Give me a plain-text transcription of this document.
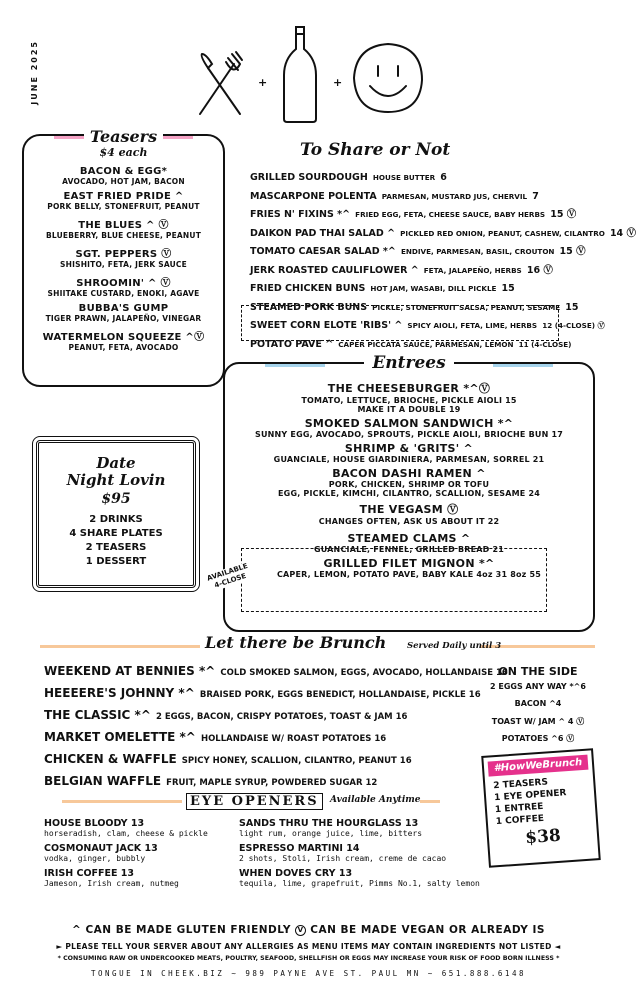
JUNE 2025	+	+
Teasers
$4 each
BACON & EGG*
AVOCADO, HOT JAM, BACON
EAST FRIED PRIDE ^
PORK BELLY, STONEFRUIT, PEANUT
THE BLUES ^ Ⓥ
BLUEBERRY, BLUE CHEESE, PEANUT
SGT. PEPPERS Ⓥ
SHISHITO, FETA, JERK SAUCE
SHROOMIN' ^ Ⓥ
SHIITAKE CUSTARD, ENOKI, AGAVE
BUBBA'S GUMP
TIGER PRAWN, JALAPEÑO, VINEGAR
WATERMELON SQUEEZE ^Ⓥ
PEANUT, FETA, AVOCADO
To Share or Not
GRILLED SOURDOUGH HOUSE BUTTER 6
MASCARPONE POLENTA PARMESAN, MUSTARD JUS, CHERVIL 7
FRIES N' FIXINS *^ FRIED EGG, FETA, CHEESE SAUCE, BABY HERBS 15 Ⓥ
DAIKON PAD THAI SALAD ^ PICKLED RED ONION, PEANUT, CASHEW, CILANTRO 14 Ⓥ
TOMATO CAESAR SALAD *^ ENDIVE, PARMESAN, BASIL, CROUTON 15 Ⓥ
JERK ROASTED CAULIFLOWER ^ FETA, JALAPEÑO, HERBS 16 Ⓥ
FRIED CHICKEN BUNS HOT JAM, WASABI, DILL PICKLE 15
STEAMED PORK BUNS PICKLE, STONEFRUIT SALSA, PEANUT, SESAME 15
SWEET CORN ELOTE 'RIBS' ^ SPICY AIOLI, FETA, LIME, HERBS 12 (4-CLOSE) Ⓥ
POTATO PAVE ^ CAPER PICCATA SAUCE, PARMESAN, LEMON 11 (4-CLOSE)
Entrees
THE CHEESEBURGER *^Ⓥ
TOMATO, LETTUCE, BRIOCHE, PICKLE AIOLI 15
MAKE IT A DOUBLE 19
SMOKED SALMON SANDWICH *^
SUNNY EGG, AVOCADO, SPROUTS, PICKLE AIOLI, BRIOCHE BUN 17
SHRIMP & 'GRITS' ^
GUANCIALE, HOUSE GIARDINIERA, PARMESAN, SORREL 21
BACON DASHI RAMEN ^
PORK, CHICKEN, SHRIMP OR TOFU
EGG, PICKLE, KIMCHI, CILANTRO, SCALLION, SESAME 24
THE VEGASM Ⓥ
CHANGES OFTEN, ASK US ABOUT IT 22
STEAMED CLAMS ^
GUANCIALE, FENNEL, GRILLED BREAD 21
GRILLED FILET MIGNON *^
CAPER, LEMON, POTATO PAVE, BABY KALE 4oz 31 8oz 55
AVAILABLE 4-CLOSE
Date
Night Lovin
$95
2 DRINKS
4 SHARE PLATES
2 TEASERS
1 DESSERT
Let there be Brunch Served Daily until 3
WEEKEND AT BENNIES *^ COLD SMOKED SALMON, EGGS, AVOCADO, HOLLANDAISE 16
HEEEERE'S JOHNNY *^ BRAISED PORK, EGGS BENEDICT, HOLLANDAISE, PICKLE 16
THE CLASSIC *^ 2 EGGS, BACON, CRISPY POTATOES, TOAST & JAM 16
MARKET OMELETTE *^ HOLLANDAISE W/ ROAST POTATOES 16
CHICKEN & WAFFLE SPICY HONEY, SCALLION, CILANTRO, PEANUT 16
BELGIAN WAFFLE FRUIT, MAPLE SYRUP, POWDERED SUGAR 12
ON THE SIDE
2 EGGS ANY WAY *^6
BACON ^4
TOAST W/ JAM ^ 4 Ⓥ
POTATOES ^6 Ⓥ
#HowWeBrunch
2 TEASERS
1 EYE OPENER
1 ENTREE
1 COFFEE
$38
EYE OPENERS	Available Anytime
HOUSE BLOODY 13
horseradish, clam, cheese & pickle
COSMONAUT JACK 13
vodka, ginger, bubbly
IRISH COFFEE 13
Jameson, Irish cream, nutmeg
SANDS THRU THE HOURGLASS 13
light rum, orange juice, lime, bitters
ESPRESSO MARTINI 14
2 shots, Stoli, Irish cream, creme de cacao
WHEN DOVES CRY 13
tequila, lime, grapefruit, Pimms No.1, salty lemon
^ CAN BE MADE GLUTEN FRIENDLY V CAN BE MADE VEGAN OR ALREADY IS
► PLEASE TELL YOUR SERVER ABOUT ANY ALLERGIES AS MENU ITEMS MAY CONTAIN INGREDIENTS NOT LISTED ◄
* CONSUMING RAW OR UNDERCOOKED MEATS, POULTRY, SEAFOOD, SHELLFISH OR EGGS MAY INCREASE YOUR RISK OF FOOD BORN ILLNESS *
TONGUE IN CHEEK.BIZ ~ 989 PAYNE AVE ST. PAUL MN ~ 651.888.6148
